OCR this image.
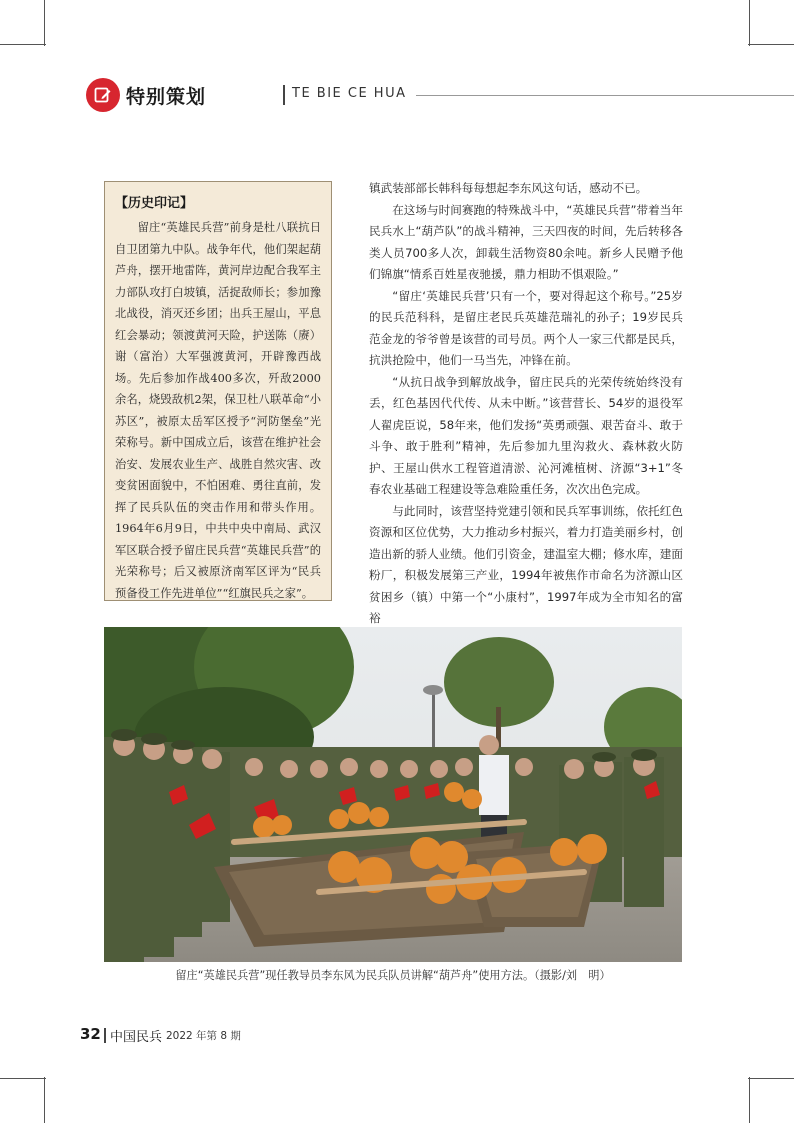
特别策划	TE BIE CE HUA
【历史印记】

留庄“英雄民兵营”前身是杜八联抗日自卫团第九中队。战争年代，他们架起葫芦舟，摆开地雷阵，黄河岸边配合我军主力部队攻打白坡镇，活捉敌师长；参加豫北战役，消灭还乡团；出兵王屋山，平息红会暴动；领渡黄河天险，护送陈（赓）谢（富治）大军强渡黄河，开辟豫西战场。先后参加作战400多次，歼敌2000余名，烧毁敌机2架，保卫杜八联革命“小苏区”，被原太岳军区授予“河防堡垒”光荣称号。新中国成立后，该营在维护社会治安、发展农业生产、战胜自然灾害、改变贫困面貌中，不怕困难、勇往直前，发挥了民兵队伍的突击作用和带头作用。1964年6月9日，中共中央中南局、武汉军区联合授予留庄民兵营“英雄民兵营”的光荣称号；后又被原济南军区评为“民兵预备役工作先进单位”“红旗民兵之家”。

镇武装部部长韩科每每想起李东风这句话，感动不已。

在这场与时间赛跑的特殊战斗中，“英雄民兵营”带着当年民兵水上“葫芦队”的战斗精神，三天四夜的时间，先后转移各类人员700多人次，卸载生活物资80余吨。新乡人民赠予他们锦旗“情系百姓星夜驰援，鼎力相助不惧艰险。”

“留庄‘英雄民兵营’只有一个，要对得起这个称号。”25岁的民兵范科科，是留庄老民兵英雄范瑞礼的孙子；19岁民兵范金龙的爷爷曾是该营的司号员。两个人一家三代都是民兵，抗洪抢险中，他们一马当先，冲锋在前。

“从抗日战争到解放战争，留庄民兵的光荣传统始终没有丢，红色基因代代传、从未中断。”该营营长、54岁的退役军人翟虎臣说，58年来，他们发扬“英勇顽强、艰苦奋斗、敢于斗争、敢于胜利”精神，先后参加九里沟救火、森林救火防护、王屋山供水工程管道清淤、沁河滩植树、济源“3+1”冬春农业基础工程建设等急难险重任务，次次出色完成。

与此同时，该营坚持党建引领和民兵军事训练，依托红色资源和区位优势，大力推动乡村振兴，着力打造美丽乡村，创造出新的骄人业绩。他们引资金，建温室大棚；修水库，建面粉厂，积极发展第三产业，1994年被焦作市命名为济源山区贫困乡（镇）中第一个“小康村”，1997年成为全市知名的富裕

留庄“英雄民兵营”现任教导员李东风为民兵队员讲解“葫芦舟”使用方法。（摄影/刘　明）
32 中国民兵 2022 年第 8 期
